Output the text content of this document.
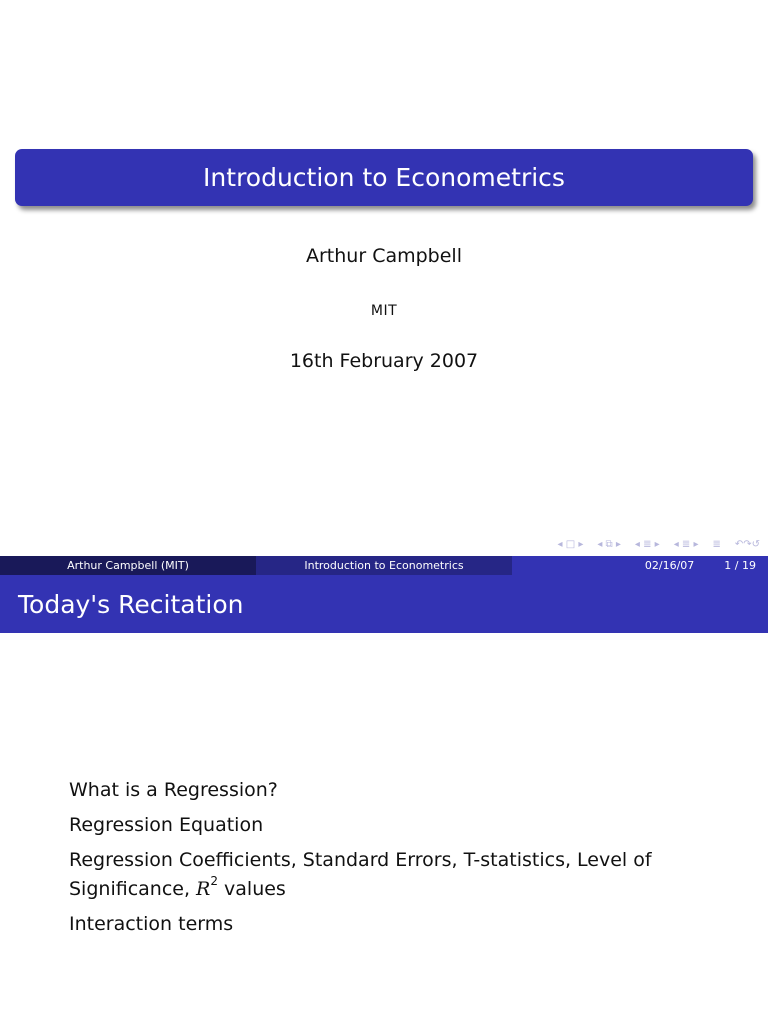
Introduction to Econometrics
Arthur Campbell
MIT
16th February 2007
◂ □ ▸ ◂ ⧉ ▸ ◂ ≣ ▸ ◂ ≣ ▸ ≣ ↶↷↺
Arthur Campbell (MIT)	Introduction to Econometrics	02/16/07	1 / 19
Today's Recitation
What is a Regression?
Regression Equation
Regression Coefficients, Standard Errors, T-statistics, Level of Significance, $R^2$ values
Interaction terms
